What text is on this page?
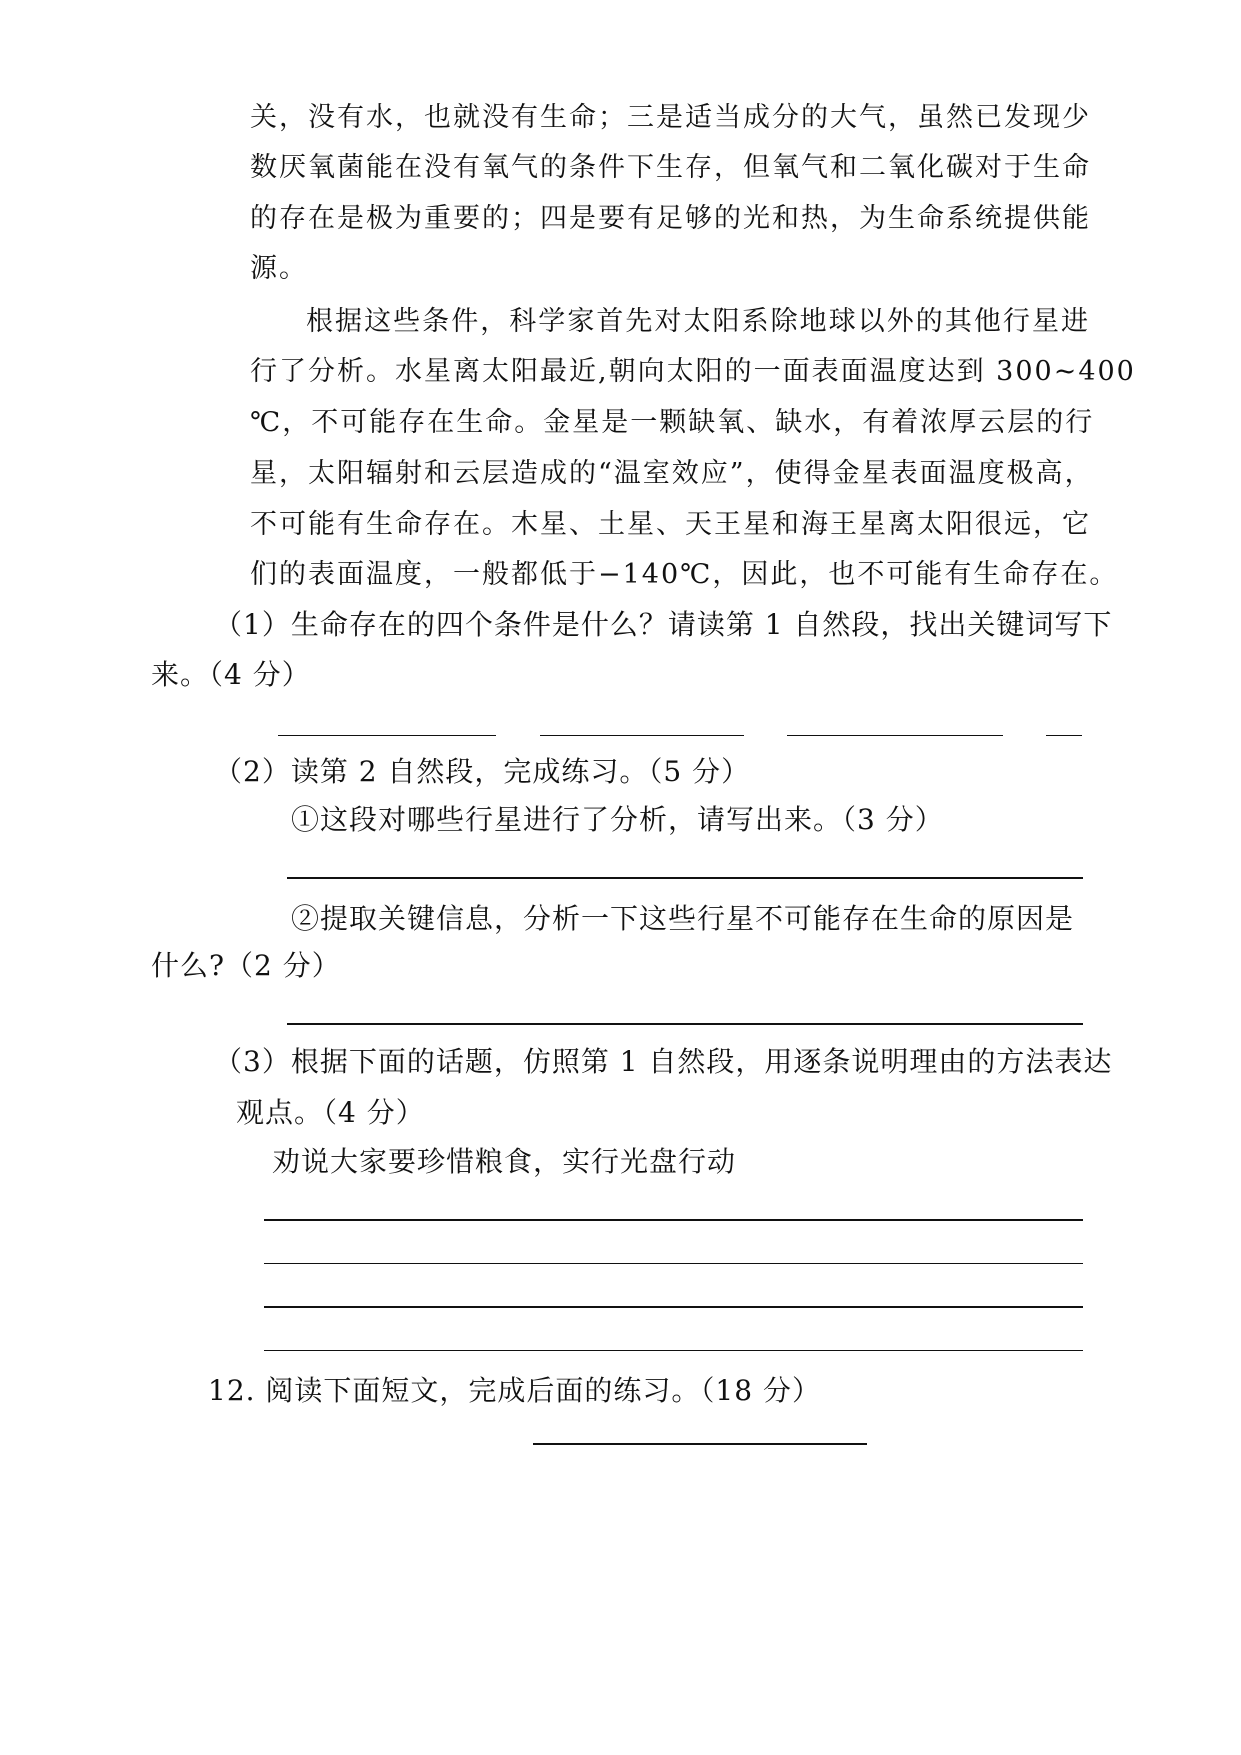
关，没有水，也就没有生命；三是适当成分的大气，虽然已发现少
数厌氧菌能在没有氧气的条件下生存，但氧气和二氧化碳对于生命
的存在是极为重要的；四是要有足够的光和热，为生命系统提供能
源。
根据这些条件，科学家首先对太阳系除地球以外的其他行星进
行了分析。水星离太阳最近,朝向太阳的一面表面温度达到 300~400
℃，不可能存在生命。金星是一颗缺氧、缺水，有着浓厚云层的行
星，太阳辐射和云层造成的“温室效应”，使得金星表面温度极高，
不可能有生命存在。木星、土星、天王星和海王星离太阳很远，它
们的表面温度，一般都低于−140℃，因此，也不可能有生命存在。
（1）生命存在的四个条件是什么？请读第 1 自然段，找出关键词写下
来。（4 分）
（2）读第 2 自然段，完成练习。（5 分）
①这段对哪些行星进行了分析，请写出来。（3 分）
②提取关键信息，分析一下这些行星不可能存在生命的原因是
什么?（2 分）
（3）根据下面的话题，仿照第 1 自然段，用逐条说明理由的方法表达
观点。（4 分）
劝说大家要珍惜粮食，实行光盘行动
12. 阅读下面短文，完成后面的练习。（18 分）
